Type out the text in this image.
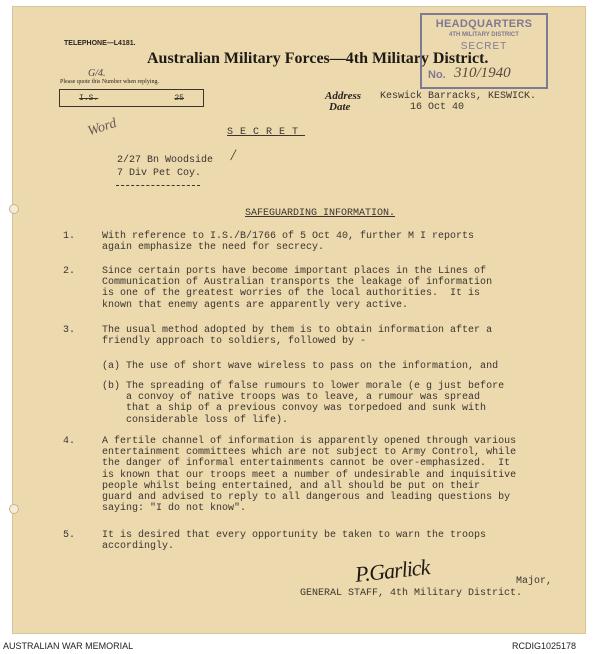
TELEPHONE—L4181.
Australian Military Forces—4th Military District.
G/4.
Please quote this Number when replying.
I.S.	25	Address
Date
Keswick Barracks, KESWICK.
16 Oct 40
HEADQUARTERS
4TH MILITARY DISTRICT
SECRET
No. 310/1940
Word	SECRET
2/27 Bn Woodside
7 Div Pet Coy.
/
SAFEGUARDING INFORMATION.
1.	With reference to I.S./B/1766 of 5 Oct 40, further M I reports
again emphasize the need for secrecy.
2.	Since certain ports have become important places in the Lines of
Communication of Australian transports the leakage of information
is one of the greatest worries of the local authorities.  It is
known that enemy agents are apparently very active.
3.	The usual method adopted by them is to obtain information after a
friendly approach to soldiers, followed by -
(a) The use of short wave wireless to pass on the information, and
(b) The spreading of false rumours to lower morale (e g just before
a convoy of native troops was to leave, a rumour was spread
that a ship of a previous convoy was torpedoed and sunk with
considerable loss of life).
4.	A fertile channel of information is apparently opened through various
entertainment committees which are not subject to Army Control, while
the danger of informal entertainments cannot be over-emphasized.  It
is known that our troops meet a number of undesirable and inquisitive
people whilst being entertained, and all should be put on their
guard and advised to reply to all dangerous and leading questions by
saying: "I do not know".
5.	It is desired that every opportunity be taken to warn the troops
accordingly.
P.Garlick	Major,
GENERAL STAFF, 4th Military District.
AUSTRALIAN WAR MEMORIAL	RCDIG1025178
